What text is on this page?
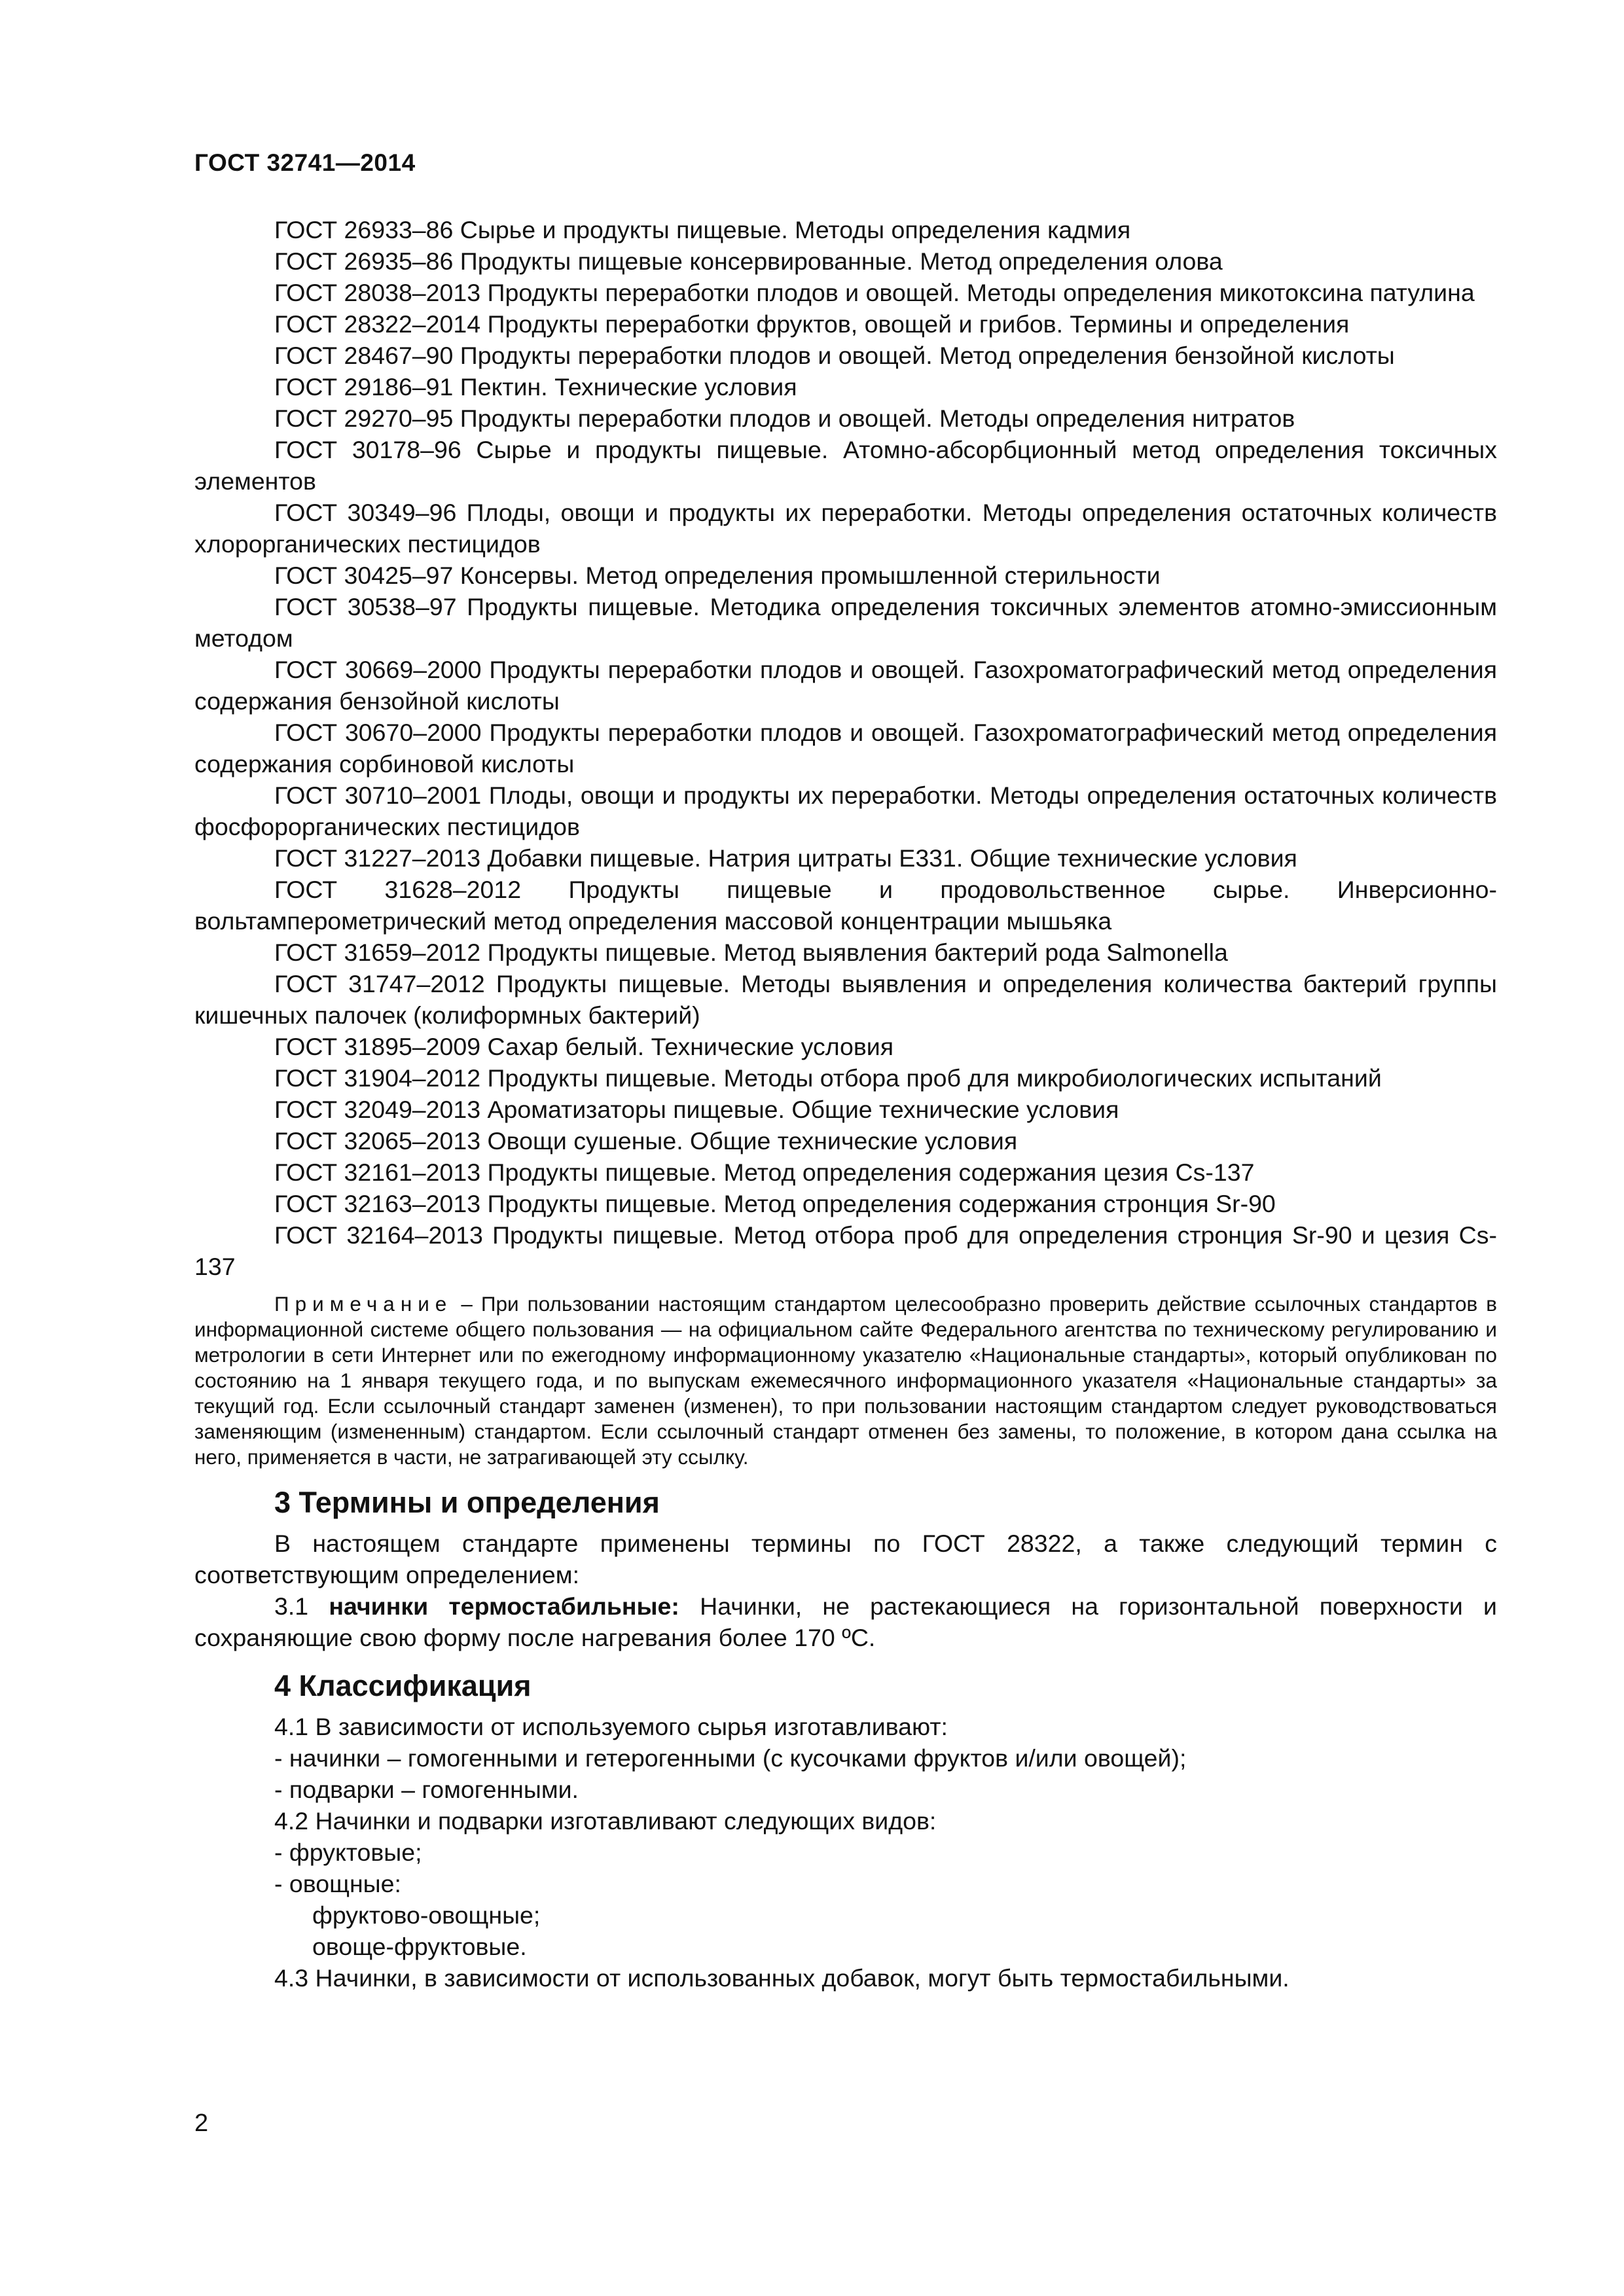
ГОСТ 32741—2014

ГОСТ 26933–86 Сырье и продукты пищевые. Методы определения кадмия

ГОСТ 26935–86 Продукты пищевые консервированные. Метод определения олова

ГОСТ 28038–2013 Продукты переработки плодов и овощей. Методы определения микотоксина патулина

ГОСТ 28322–2014 Продукты переработки фруктов, овощей и грибов. Термины и определения

ГОСТ 28467–90 Продукты переработки плодов и овощей. Метод определения бензойной кислоты

ГОСТ 29186–91 Пектин. Технические условия

ГОСТ 29270–95 Продукты переработки плодов и овощей. Методы определения нитратов

ГОСТ 30178–96 Сырье и продукты пищевые. Атомно-абсорбционный метод определения токсичных элементов

ГОСТ 30349–96 Плоды, овощи и продукты их переработки. Методы определения остаточных количеств хлорорганических пестицидов

ГОСТ 30425–97 Консервы. Метод определения промышленной стерильности

ГОСТ 30538–97 Продукты пищевые. Методика определения токсичных элементов атомно-эмиссионным методом

ГОСТ 30669–2000 Продукты переработки плодов и овощей. Газохроматографический метод определения содержания бензойной кислоты

ГОСТ 30670–2000 Продукты переработки плодов и овощей. Газохроматографический метод определения содержания сорбиновой кислоты

ГОСТ 30710–2001 Плоды, овощи и продукты их переработки. Методы определения остаточных количеств фосфорорганических пестицидов

ГОСТ 31227–2013 Добавки пищевые. Натрия цитраты Е331. Общие технические условия

ГОСТ 31628–2012 Продукты пищевые и продовольственное сырье. Инверсионно-вольтамперометрический метод определения массовой концентрации мышьяка

ГОСТ 31659–2012 Продукты пищевые. Метод выявления бактерий рода Salmonella

ГОСТ 31747–2012 Продукты пищевые. Методы выявления и определения количества бактерий группы кишечных палочек (колиформных бактерий)

ГОСТ 31895–2009 Сахар белый. Технические условия

ГОСТ 31904–2012 Продукты пищевые. Методы отбора проб для микробиологических испытаний

ГОСТ 32049–2013 Ароматизаторы пищевые. Общие технические условия

ГОСТ 32065–2013 Овощи сушеные. Общие технические условия

ГОСТ 32161–2013 Продукты пищевые. Метод определения содержания цезия Cs-137

ГОСТ 32163–2013 Продукты пищевые. Метод определения содержания стронция Sr-90

ГОСТ 32164–2013 Продукты пищевые. Метод отбора проб для определения стронция Sr-90 и цезия Cs-137

Примечание – При пользовании настоящим стандартом целесообразно проверить действие ссылочных стандартов в информационной системе общего пользования — на официальном сайте Федерального агентства по техническому регулированию и метрологии в сети Интернет или по ежегодному информационному указателю «Национальные стандарты», который опубликован по состоянию на 1 января текущего года, и по выпускам ежемесячного информационного указателя «Национальные стандарты» за текущий год. Если ссылочный стандарт заменен (изменен), то при пользовании настоящим стандартом следует руководствоваться заменяющим (измененным) стандартом. Если ссылочный стандарт отменен без замены, то положение, в котором дана ссылка на него, применяется в части, не затрагивающей эту ссылку.

3 Термины и определения

В настоящем стандарте применены термины по ГОСТ 28322, а также следующий термин с соответствующим определением:

3.1 начинки термостабильные: Начинки, не растекающиеся на горизонтальной поверхности и сохраняющие свою форму после нагревания более 170 ºС.

4 Классификация

4.1 В зависимости от используемого сырья изготавливают:

- начинки – гомогенными и гетерогенными (с кусочками фруктов и/или овощей);

- подварки – гомогенными.

4.2 Начинки и подварки изготавливают следующих видов:

- фруктовые;

- овощные:

фруктово-овощные;

овоще-фруктовые.

4.3 Начинки, в зависимости от использованных добавок, могут быть термостабильными.

2
